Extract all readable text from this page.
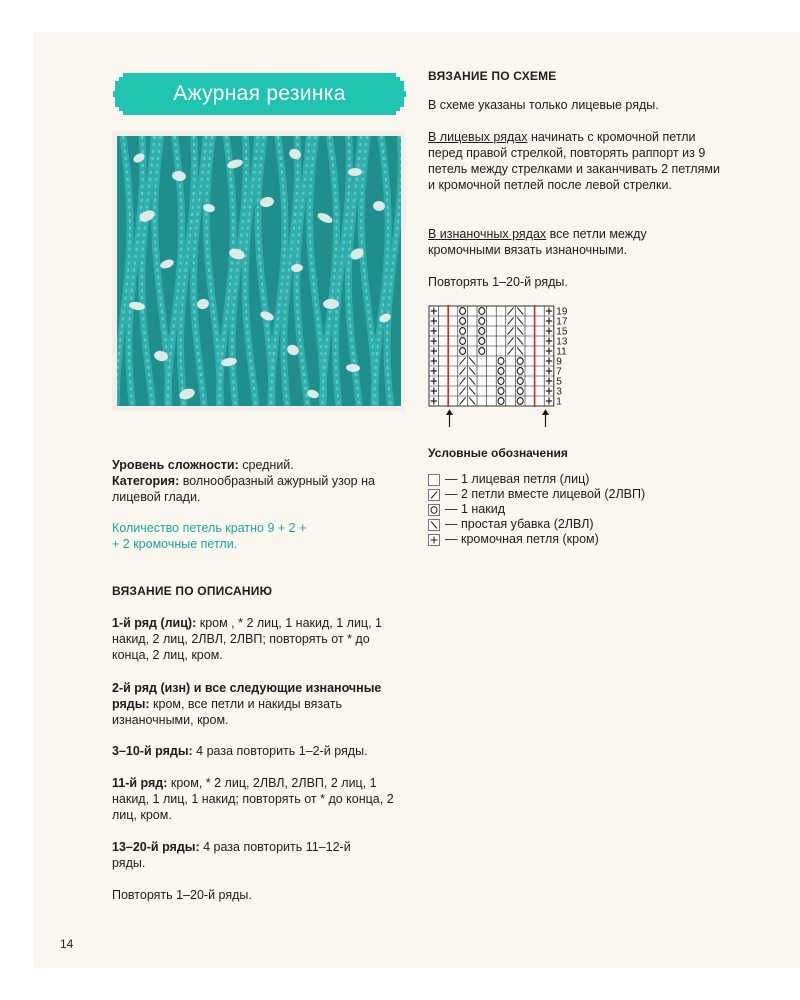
Ажурная резинка

Уровень сложности: средний.

Категория: волнообразный ажурный узор на лицевой глади.

Количество петель кратно 9 + 2 +

+ 2 кромочные петли.

ВЯЗАНИЕ ПО ОПИСАНИЮ

1-й ряд (лиц): кром , * 2 лиц, 1 накид, 1 лиц, 1 накид, 2 лиц, 2ЛВЛ, 2ЛВП; повторять от * до конца, 2 лиц, кром.

2-й ряд (изн) и все следующие изнаночные ряды: кром, все петли и накиды вязать изнаночными, кром.

3–10-й ряды: 4 раза повторить 1–2-й ряды.

11-й ряд: кром, * 2 лиц, 2ЛВЛ, 2ЛВП, 2 лиц, 1 накид, 1 лиц, 1 накид; повторять от * до конца, 2 лиц, кром.

13–20-й ряды: 4 раза повторить 11–12-й ряды.

Повторять 1–20-й ряды.
ВЯЗАНИЕ ПО СХЕМЕ
В схеме указаны только лицевые ряды.

В лицевых рядах начинать с кромочной петли перед правой стрелкой, повторять раппорт из 9 петель между стрелками и заканчивать 2 петлями и кромочной петлей после левой стрелки.

В изнаночных рядах все петли между кромочными вязать изнаночными.

Повторять 1–20-й ряды.
19
17
15
13
11
9
7
5
3
1
Условные обозначения
— 1 лицевая петля (лиц)
— 2 петли вместе лицевой (2ЛВП)
— 1 накид
— простая убавка (2ЛВЛ)
— кромочная петля (кром)
14
